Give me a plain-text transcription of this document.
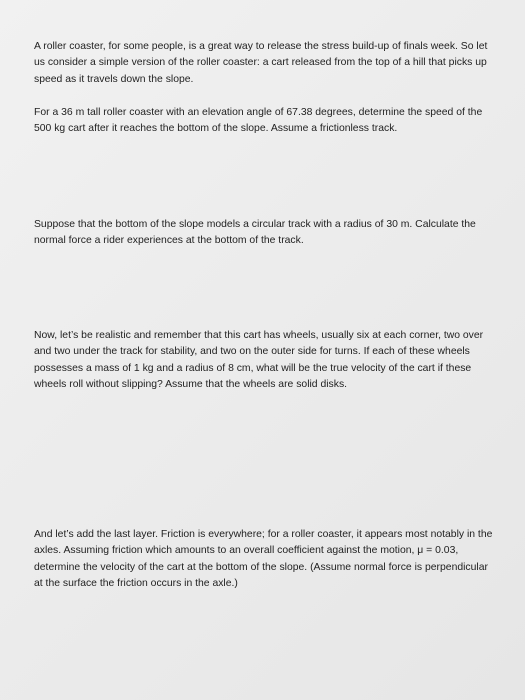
A roller coaster, for some people, is a great way to release the stress build-up of finals week. So let us consider a simple version of the roller coaster: a cart released from the top of a hill that picks up speed as it travels down the slope.

For a 36 m tall roller coaster with an elevation angle of 67.38 degrees, determine the speed of the 500 kg cart after it reaches the bottom of the slope. Assume a frictionless track.

Suppose that the bottom of the slope models a circular track with a radius of 30 m. Calculate the normal force a rider experiences at the bottom of the track.

Now, let’s be realistic and remember that this cart has wheels, usually six at each corner, two over and two under the track for stability, and two on the outer side for turns. If each of these wheels possesses a mass of 1 kg and a radius of 8 cm, what will be the true velocity of the cart if these wheels roll without slipping? Assume that the wheels are solid disks.

And let’s add the last layer. Friction is everywhere; for a roller coaster, it appears most notably in the axles. Assuming friction which amounts to an overall coefficient against the motion, μ = 0.03, determine the velocity of the cart at the bottom of the slope. (Assume normal force is perpendicular at the surface the friction occurs in the axle.)
